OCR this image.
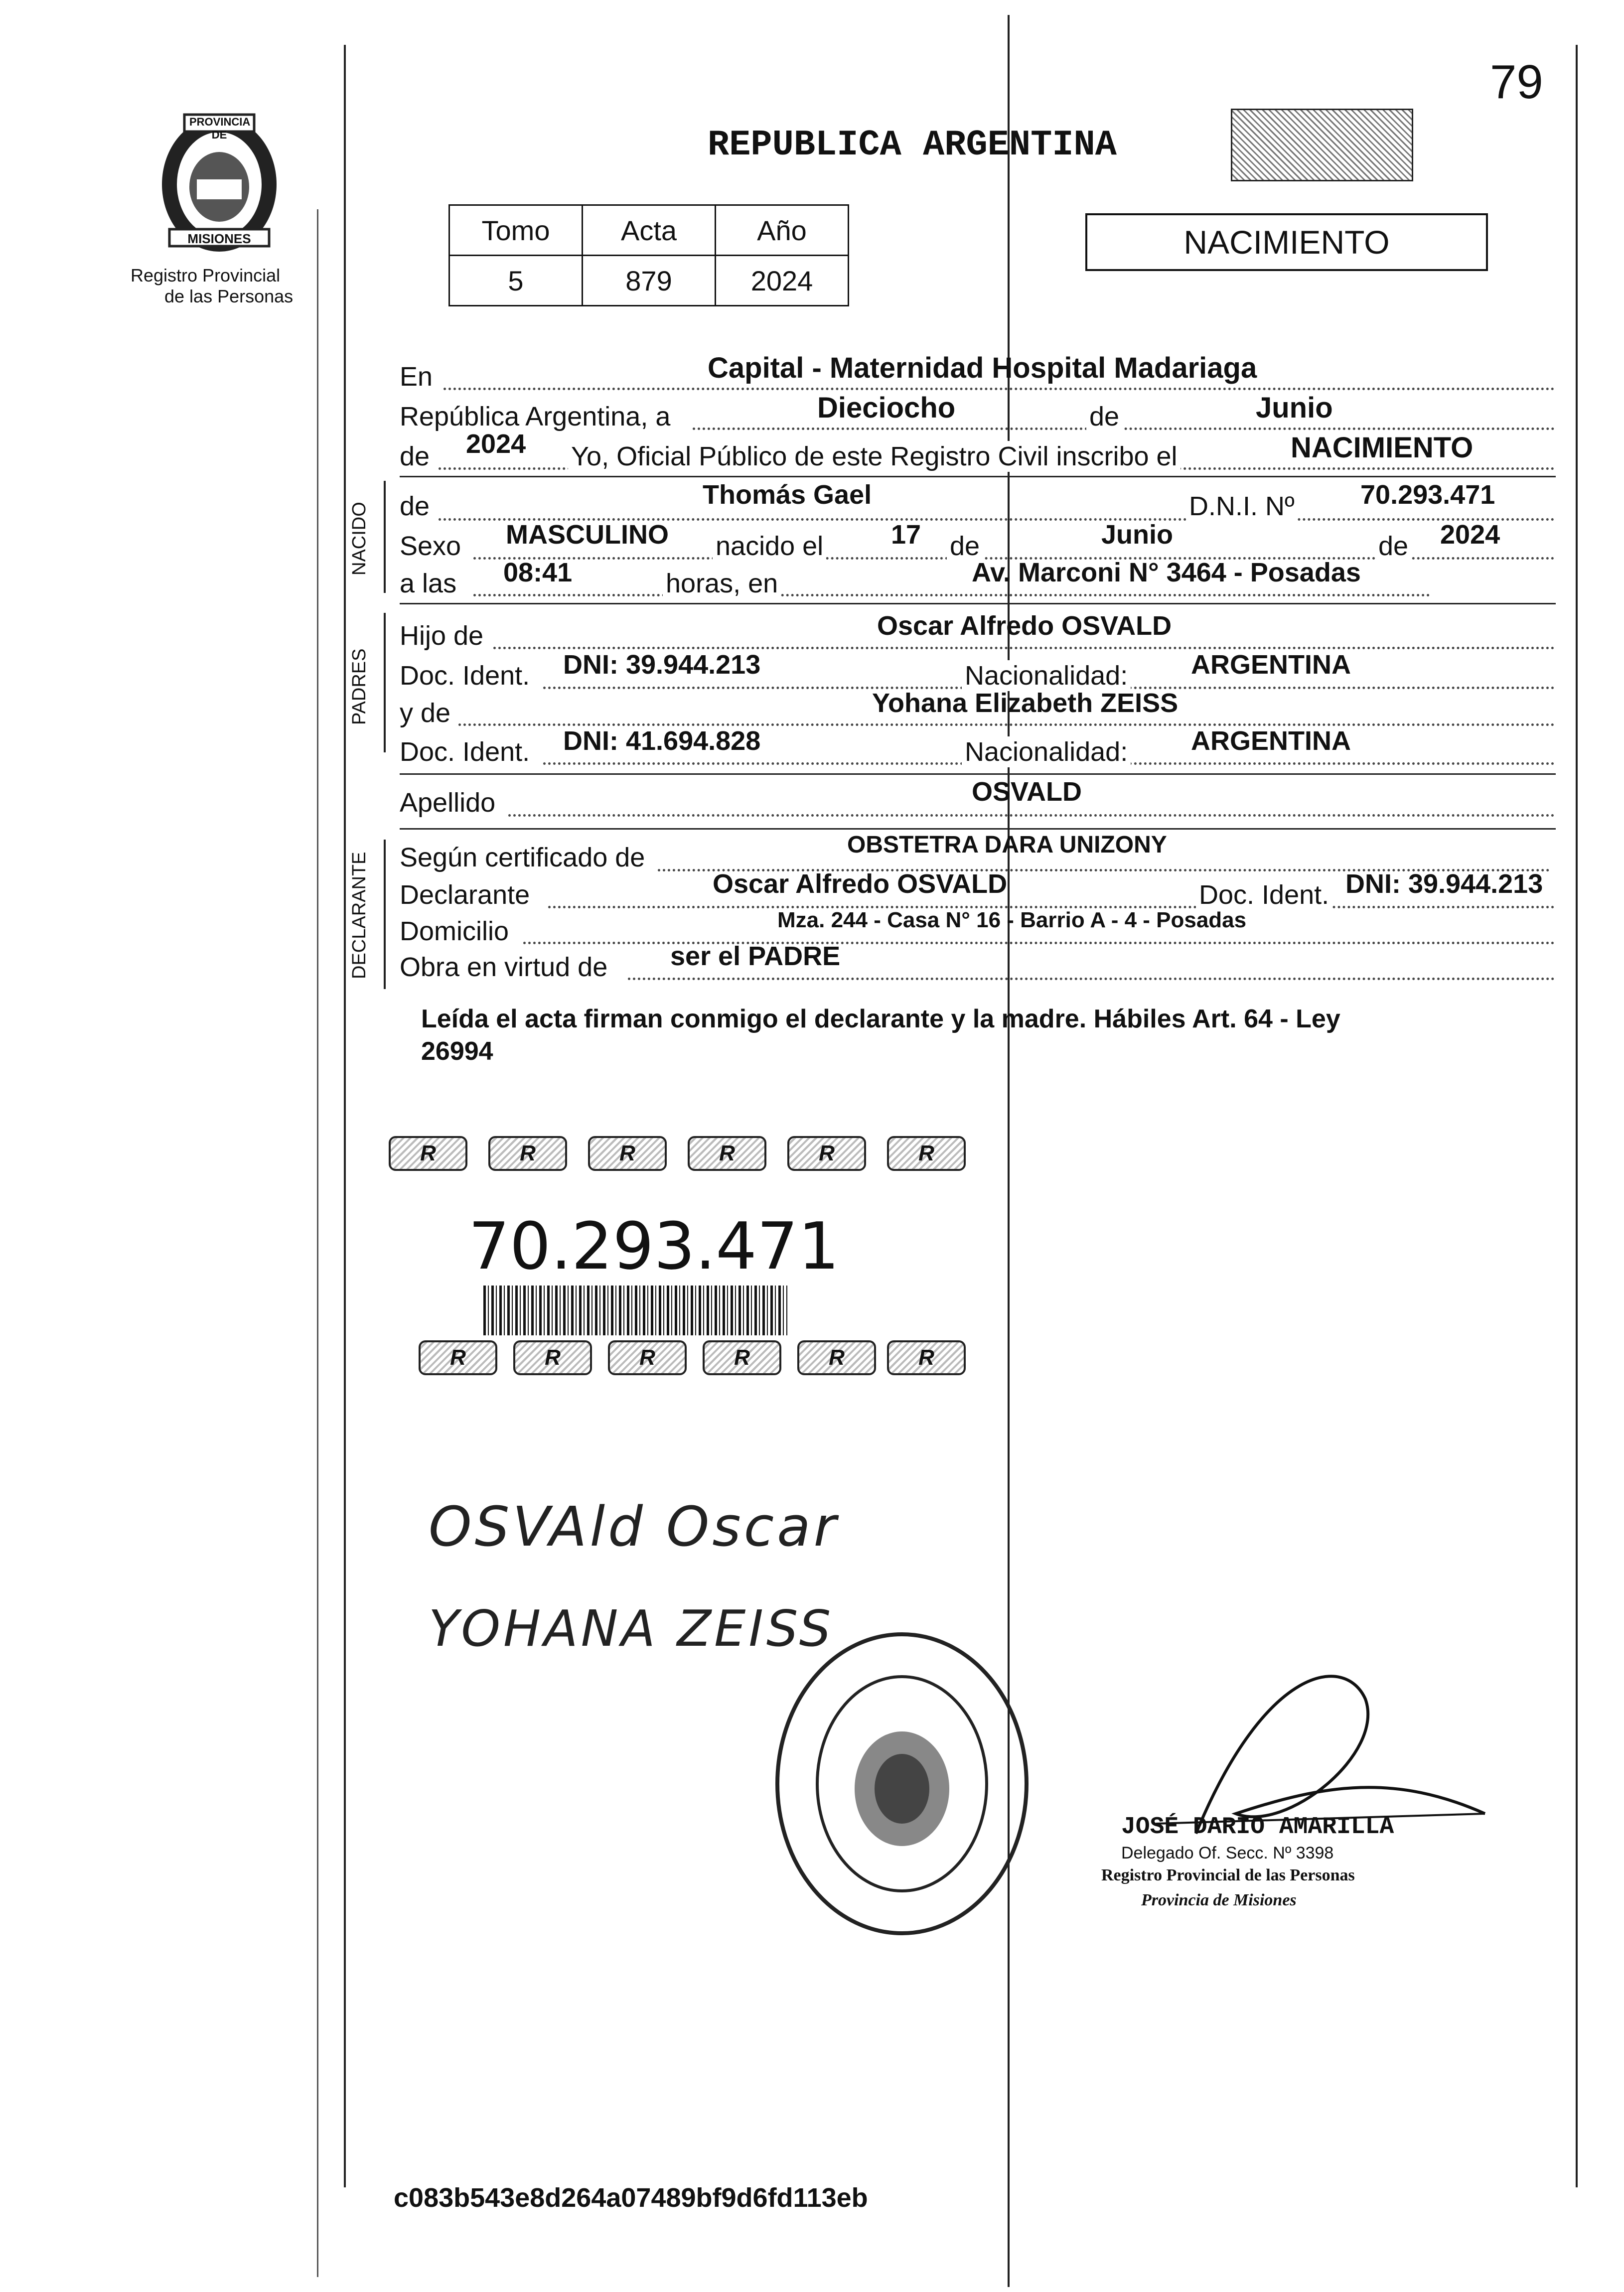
79
PROVINCIA DE
MISIONES
Registro Provincial
de las Personas
REPUBLICA ARGENTINA
Tomo	Acta	Año
5	879	2024
NACIMIENTO
En	Capital - Maternidad Hospital Madariaga
República Argentina, a	Dieciocho	de	Junio
de 2024 Yo, Oficial Público de este Registro Civil inscribo el	NACIMIENTO
NACIDO de	Thomás Gael	D.N.I. Nº 70.293.471
Sexo MASCULINO nacido el	17 de	Junio	de 2024
a las 08:41	horas, en	Av. Marconi N° 3464 - Posadas
PADRES
Hijo de	Oscar Alfredo OSVALD
Doc. Ident. DNI: 39.944.213	Nacionalidad: ARGENTINA
y de	Yohana Elizabeth ZEISS
Doc. Ident. DNI: 41.694.828	Nacionalidad: ARGENTINA
Apellido	OSVALD
DECLARANTE Según certificado de	OBSTETRA DARA UNIZONY
Declarante	Oscar Alfredo OSVALD	Doc. Ident. DNI: 39.944.213
Domicilio	Mza. 244 - Casa N° 16 - Barrio A - 4 - Posadas
Obra en virtud de ser el PADRE
Leída el acta firman conmigo el declarante y la madre. Hábiles Art. 64 - Ley
26994
R	R	R	R	R	R
70.293.471
R	R	R	R	R	R
OSVAld Oscar
YOHANA ZEISS
JOSÉ DARIO AMARILLA
Delegado Of. Secc. Nº 3398
Registro Provincial de las Personas
Provincia de Misiones
c083b543e8d264a07489bf9d6fd113eb
